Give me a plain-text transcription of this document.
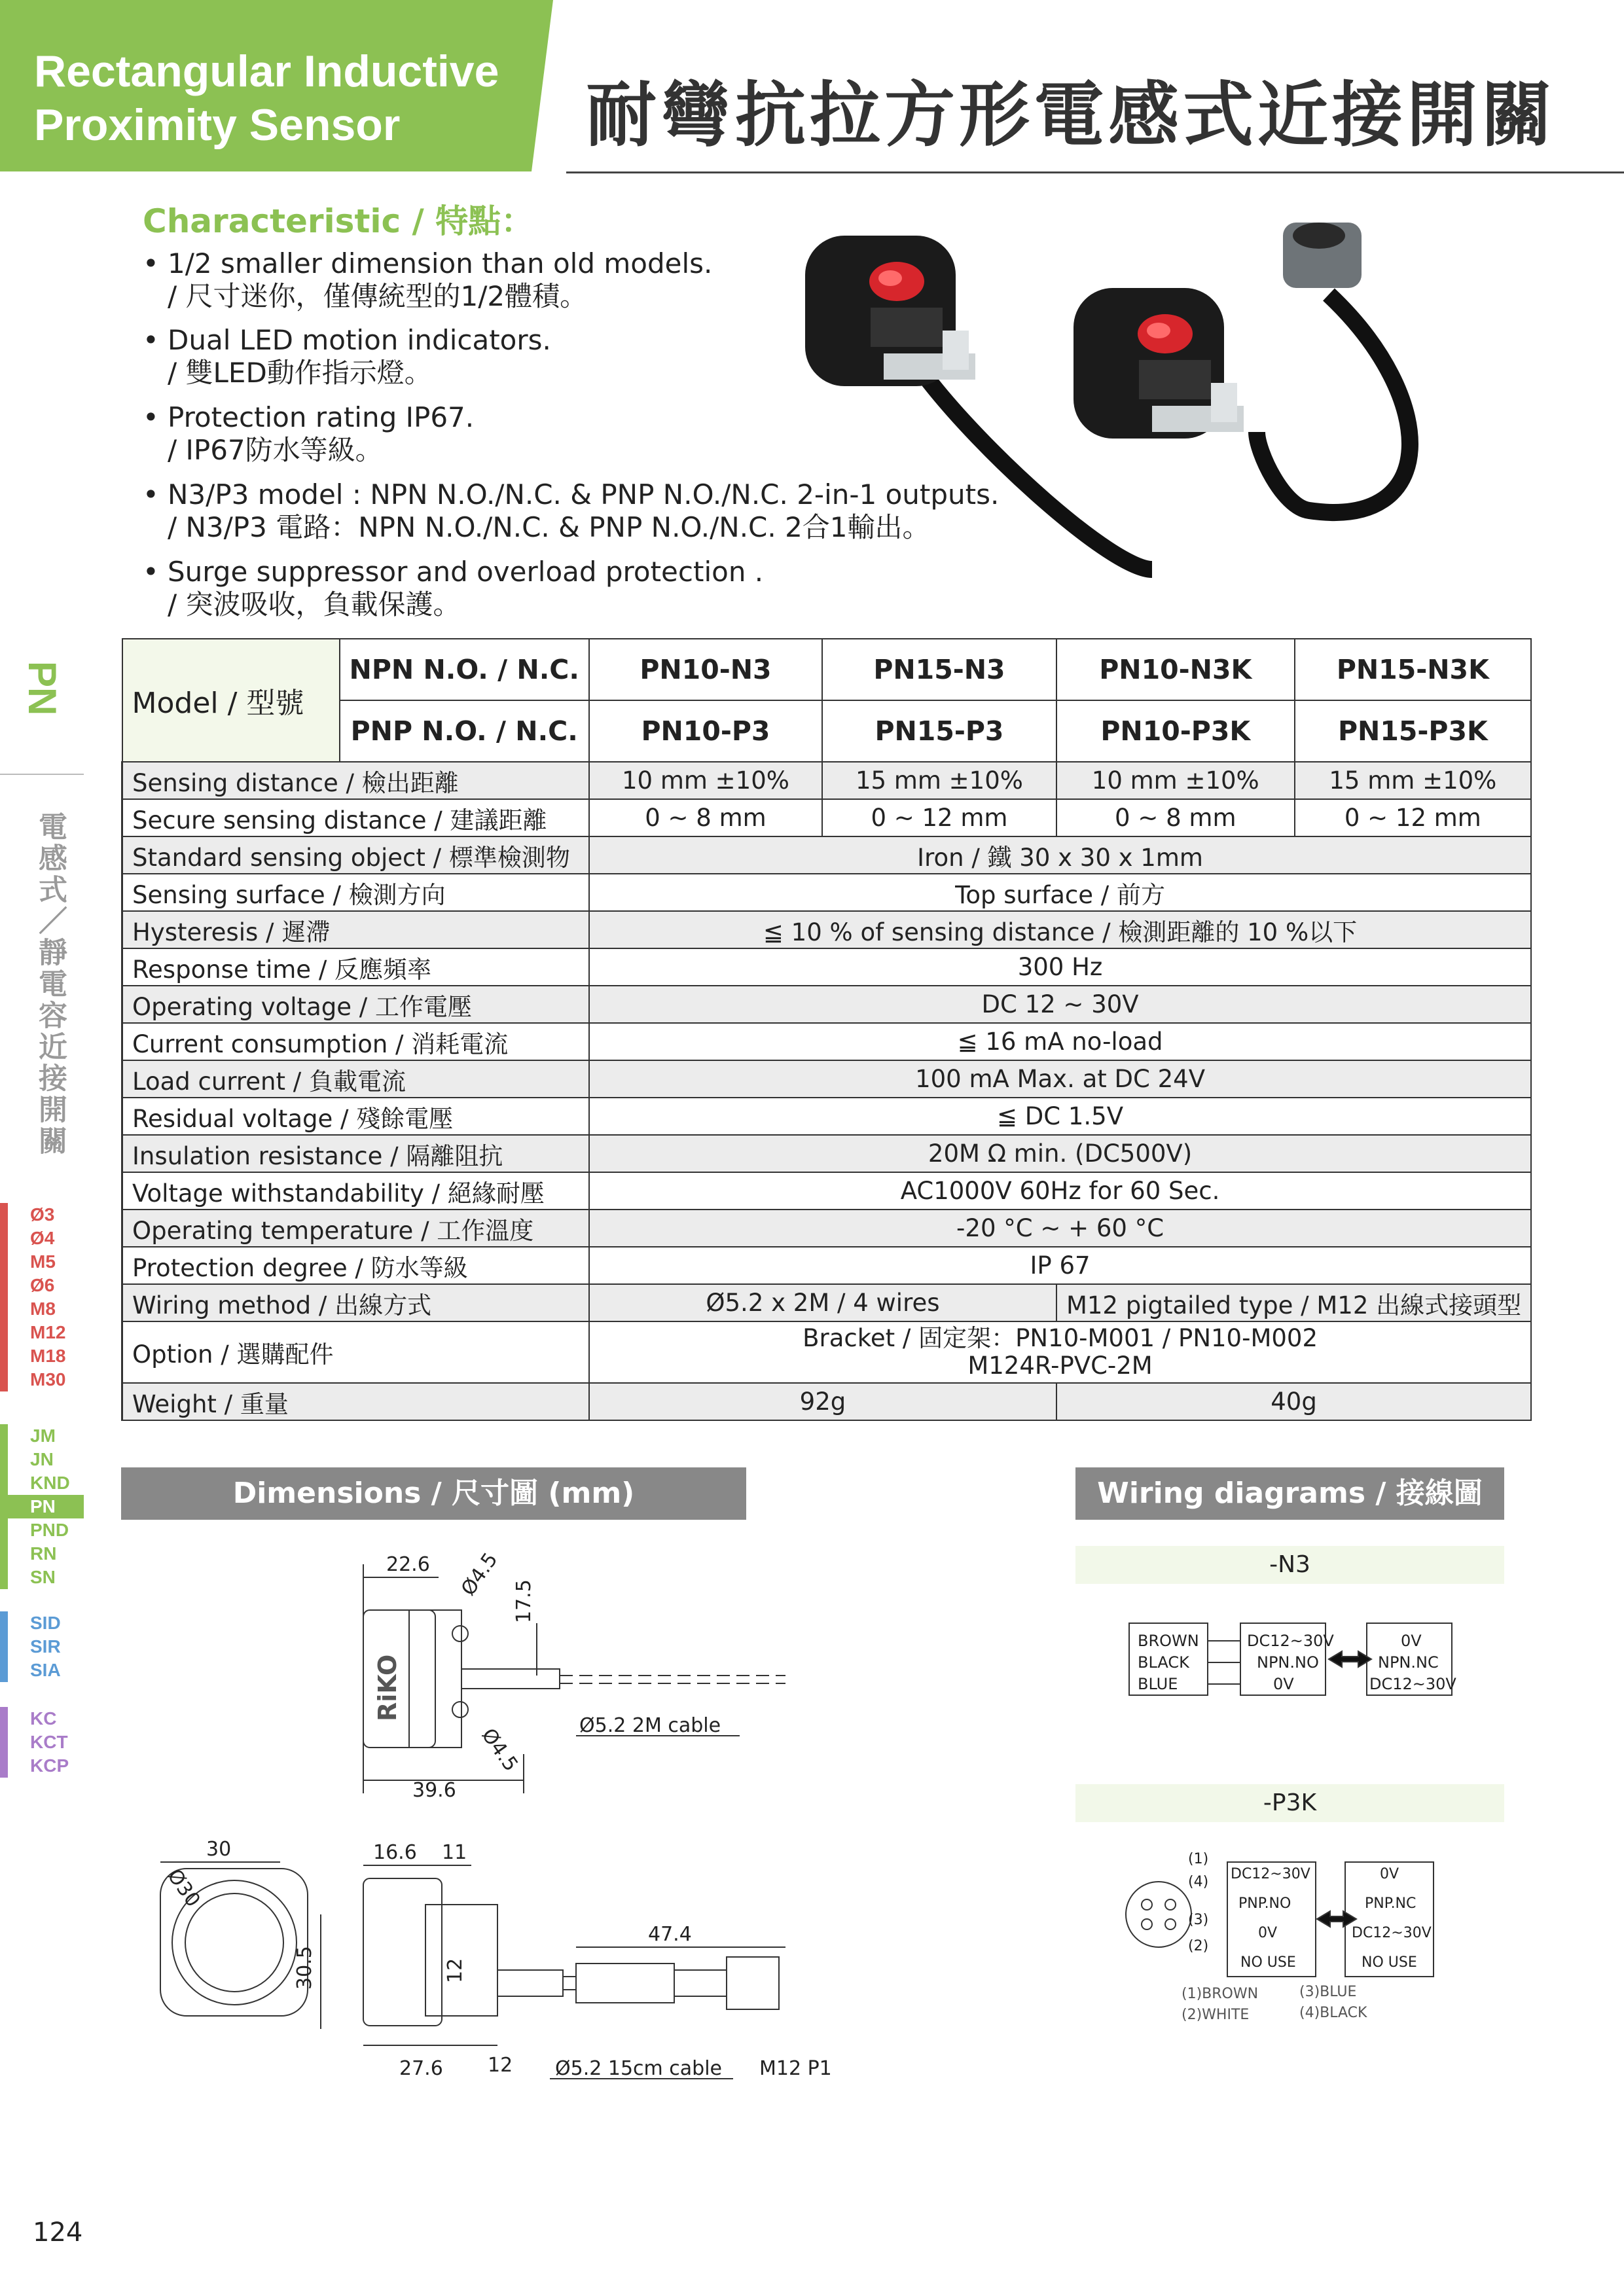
Rectangular Inductive
Proximity Sensor	耐彎抗拉方形電感式近接開關
Characteristic / 特點：
• 1/2 smaller dimension than old models.
/ 尺寸迷你，僅傳統型的1/2體積。
• Dual LED motion indicators.
/ 雙LED動作指示燈。
• Protection rating IP67.
/ IP67防水等級。
• N3/P3 model : NPN N.O./N.C. & PNP N.O./N.C. 2-in-1 outputs.
/ N3/P3 電路：NPN N.O./N.C. & PNP N.O./N.C. 2合1輸出。
• Surge suppressor and overload protection .
/ 突波吸收，負載保護。
PN
電感式／靜電容近接開關
Ø3
Ø4
M5
Ø6
M8
M12
M18
M30
JM
JN
KND
PN
PND
RN
SN
SID
SIR
SIA
KC
KCT
KCP
Model / 型號	NPN N.O. / N.C.	PN10-N3	PN15-N3	PN10-N3K	PN15-N3K
	PNP N.O. / N.C.	PN10-P3	PN15-P3	PN10-P3K	PN15-P3K
Sensing distance / 檢出距離		10 mm ±10%	15 mm ±10%	10 mm ±10%	15 mm ±10%
Secure sensing distance / 建議距離		0 ~ 8 mm	0 ~ 12 mm	0 ~ 8 mm	0 ~ 12 mm
Standard sensing object / 標準檢測物		Iron / 鐵 30 x 30 x 1mm			
Sensing surface / 檢測方向		Top surface / 前方			
Hysteresis / 遲滯		≦ 10 % of sensing distance / 檢測距離的 10 %以下			
Response time / 反應頻率		300 Hz			
Operating voltage / 工作電壓		DC 12 ~ 30V			
Current consumption / 消耗電流		≦ 16 mA no-load			
Load current / 負載電流		100 mA Max. at DC 24V			
Residual voltage / 殘餘電壓		≦ DC 1.5V			
Insulation resistance / 隔離阻抗		20M Ω min. (DC500V)			
Voltage withstandability / 絕緣耐壓		AC1000V 60Hz for 60 Sec.			
Operating temperature / 工作溫度		-20 °C ~ + 60 °C			
Protection degree / 防水等級		IP 67			
Wiring method / 出線方式		Ø5.2 x 2M / 4 wires		M12 pigtailed type / M12 出線式接頭型	
Option / 選購配件		Bracket / 固定架：PN10-M001 / PN10-M002
M124R-PVC-2M			

Weight / 重量		92g		40g	
Dimensions / 尺寸圖 (mm)	Wiring diagrams / 接線圖
22.6 Ø4.5
Ø4.5
17.5
39.6
Ø5.2 2M cable
RiKO
30
Ø30
30.5
16.6 11
12
27.6 12
47.4
Ø5.2 15cm cable M12 P1
-N3
BROWN
BLACK
BLUE
DC12~30V
NPN.NO
0V
0V
NPN.NC
DC12~30V
-P3K
(1)
(4)
(3)
(2)
DC12~30V
PNP.NO
0V
NO USE
0V
PNP.NC
DC12~30V
NO USE
(1)BROWN
(2)WHITE
(3)BLUE
(4)BLACK
124
